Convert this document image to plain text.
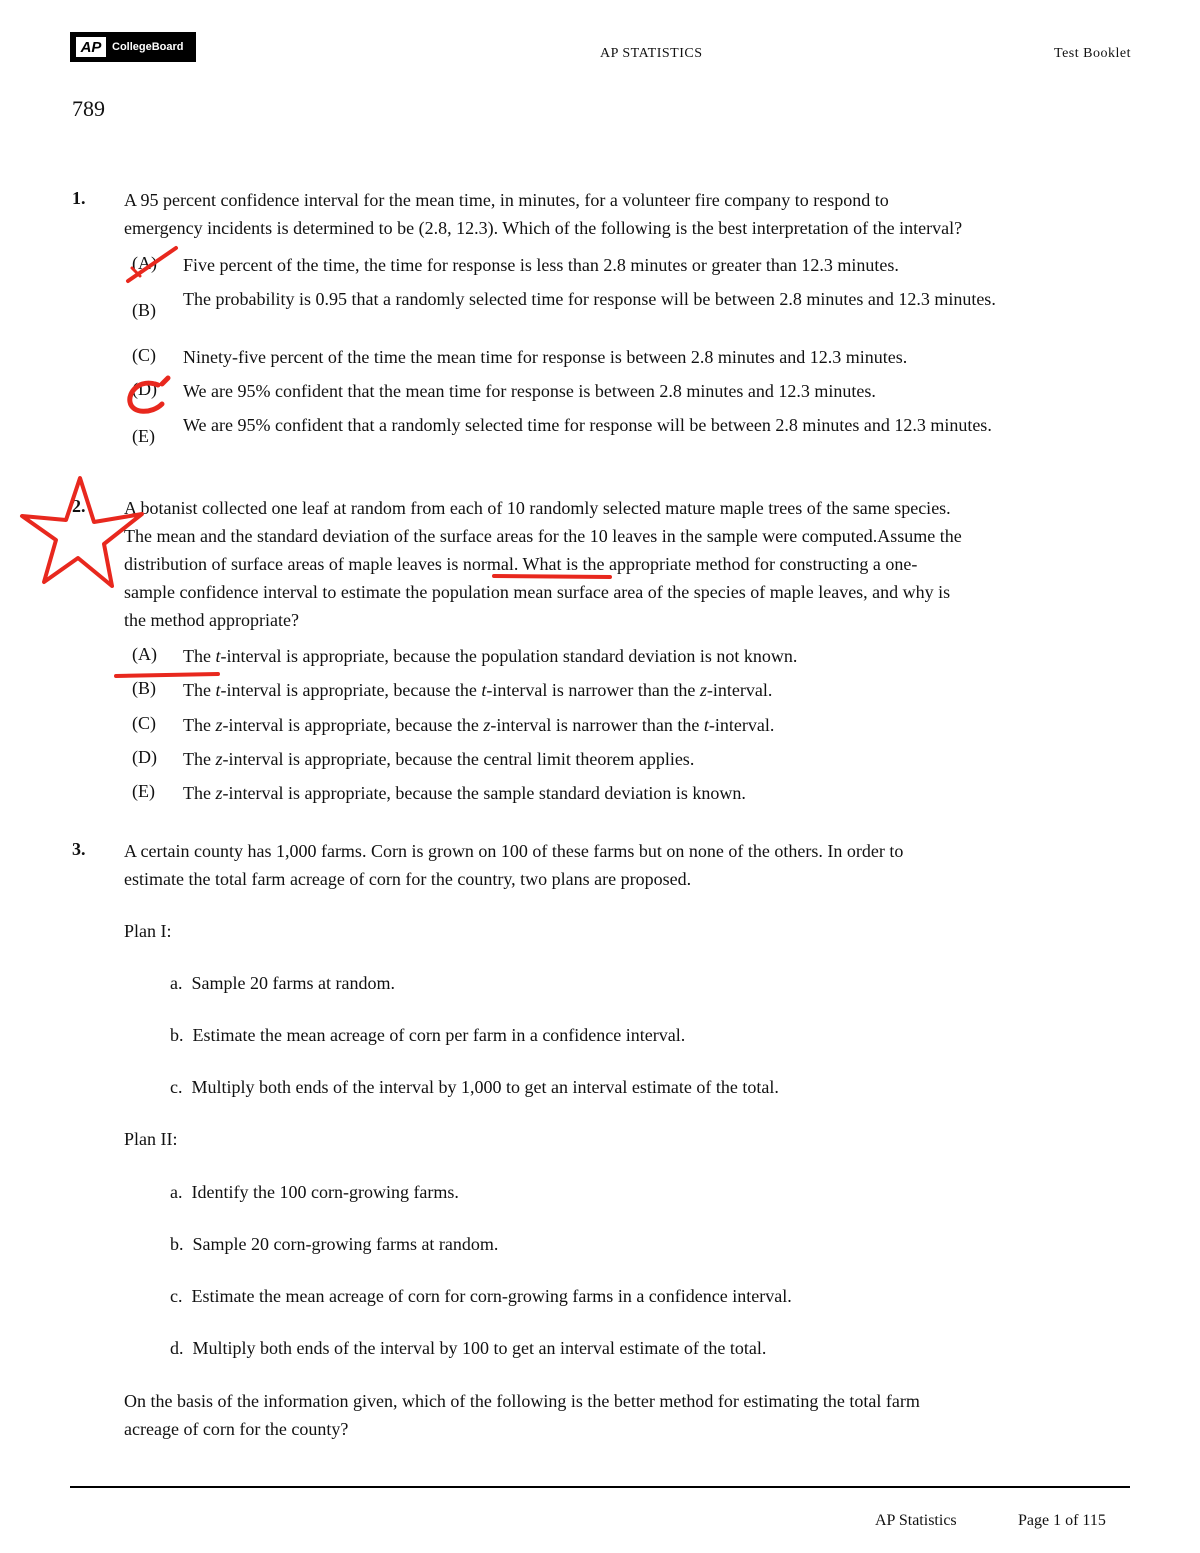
AP CollegeBoard	AP STATISTICS	Test Booklet
789
1. A 95 percent confidence interval for the mean time, in minutes, for a volunteer fire company to respond to
emergency incidents is determined to be (2.8, 12.3). Which of the following is the best interpretation of the interval?
(A) Five percent of the time, the time for response is less than 2.8 minutes or greater than 12.3 minutes.
(B)
The probability is 0.95 that a randomly selected time for response will be between 2.8 minutes and 12.3 minutes.
(C) Ninety-five percent of the time the mean time for response is between 2.8 minutes and 12.3 minutes.
(D) We are 95% confident that the mean time for response is between 2.8 minutes and 12.3 minutes.
(E)
We are 95% confident that a randomly selected time for response will be between 2.8 minutes and 12.3 minutes.
2. A botanist collected one leaf at random from each of 10 randomly selected mature maple trees of the same species.
The mean and the standard deviation of the surface areas for the 10 leaves in the sample were computed.Assume the
distribution of surface areas of maple leaves is normal. What is the appropriate method for constructing a one-
sample confidence interval to estimate the population mean surface area of the species of maple leaves, and why is
the method appropriate?
(A) The t-interval is appropriate, because the population standard deviation is not known.
(B) The t-interval is appropriate, because the t-interval is narrower than the z-interval.
(C) The z-interval is appropriate, because the z-interval is narrower than the t-interval.
(D) The z-interval is appropriate, because the central limit theorem applies.
(E) The z-interval is appropriate, because the sample standard deviation is known.
3. A certain county has 1,000 farms. Corn is grown on 100 of these farms but on none of the others. In order to
estimate the total farm acreage of corn for the country, two plans are proposed.
Plan I:
a. Sample 20 farms at random.
b. Estimate the mean acreage of corn per farm in a confidence interval.
c. Multiply both ends of the interval by 1,000 to get an interval estimate of the total.
Plan II:
a. Identify the 100 corn-growing farms.
b. Sample 20 corn-growing farms at random.
c. Estimate the mean acreage of corn for corn-growing farms in a confidence interval.
d. Multiply both ends of the interval by 100 to get an interval estimate of the total.
On the basis of the information given, which of the following is the better method for estimating the total farm
acreage of corn for the county?
AP Statistics	Page 1 of 115
